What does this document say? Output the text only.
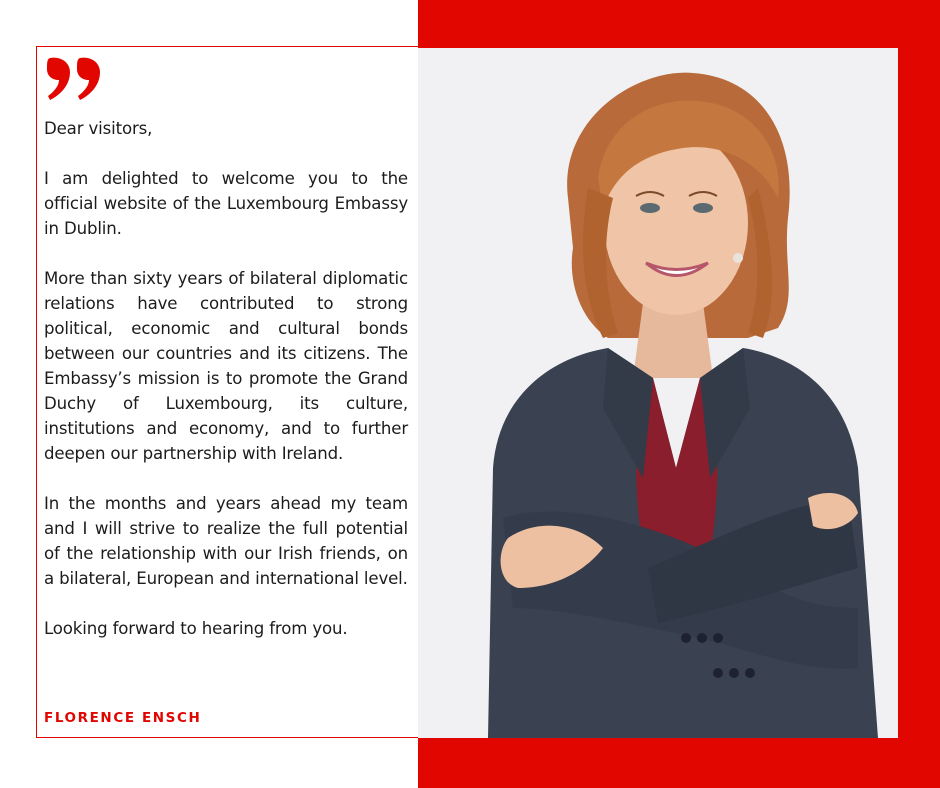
Dear visitors,

I am delighted to welcome you to the official website of the Luxembourg Embassy in Dublin.

More than sixty years of bilateral diplomatic relations have contributed to strong political, economic and cultural bonds between our countries and its citizens. The Embassy’s mission is to promote the Grand Duchy of Luxembourg, its culture, institutions and economy, and to further deepen our partnership with Ireland.

In the months and years ahead my team and I will strive to realize the full potential of the relationship with our Irish friends, on a bilateral, European and international level.

Looking forward to hearing from you.

FLORENCE ENSCH
